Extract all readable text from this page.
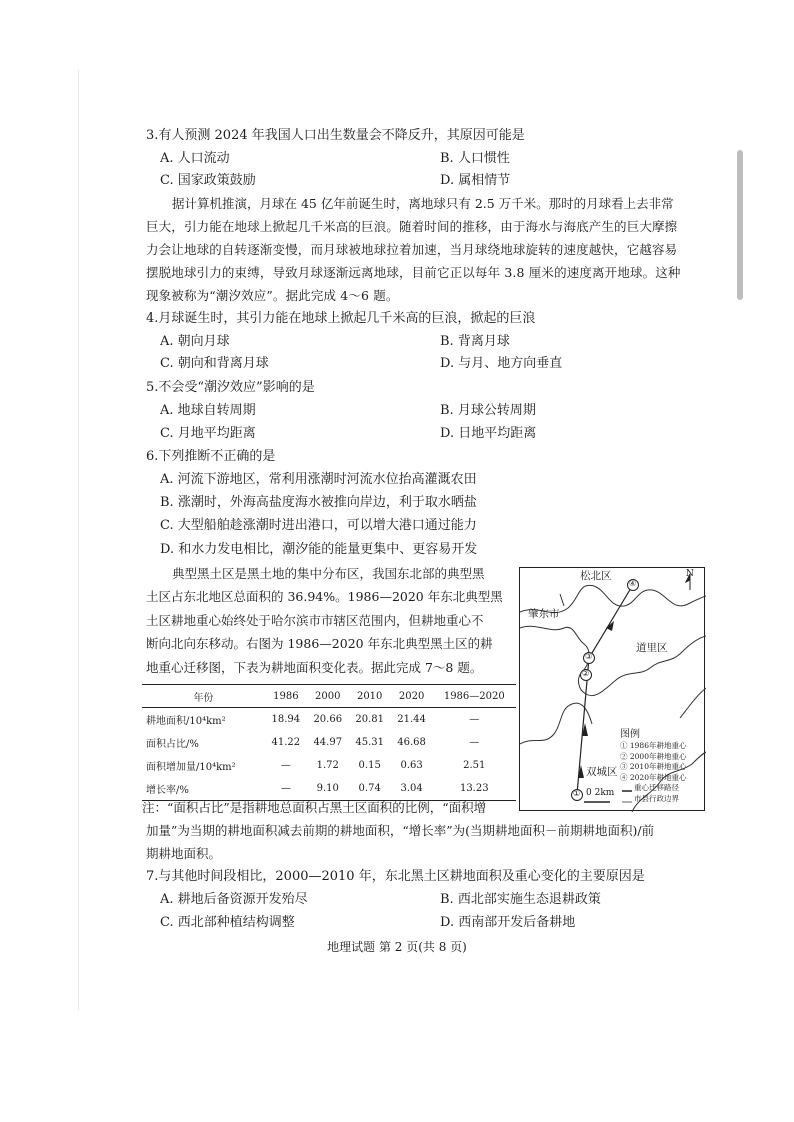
3.有人预测 2024 年我国人口出生数量会不降反升，其原因可能是
A. 人口流动	B. 人口惯性
C. 国家政策鼓励	D. 属相情节
据计算机推演，月球在 45 亿年前诞生时，离地球只有 2.5 万千米。那时的月球看上去非常
巨大，引力能在地球上掀起几千米高的巨浪。随着时间的推移，由于海水与海底产生的巨大摩擦
力会让地球的自转逐渐变慢，而月球被地球拉着加速，当月球绕地球旋转的速度越快，它越容易
摆脱地球引力的束缚，导致月球逐渐远离地球，目前它正以每年 3.8 厘米的速度离开地球。这种
现象被称为“潮汐效应”。据此完成 4～6 题。
4.月球诞生时，其引力能在地球上掀起几千米高的巨浪，掀起的巨浪
A. 朝向月球	B. 背离月球
C. 朝向和背离月球	D. 与月、地方向垂直
5.不会受“潮汐效应”影响的是
A. 地球自转周期	B. 月球公转周期
C. 月地平均距离	D. 日地平均距离
6.下列推断不正确的是
A. 河流下游地区，常利用涨潮时河流水位抬高灌溉农田
B. 涨潮时，外海高盐度海水被推向岸边，利于取水晒盐
C. 大型船舶趁涨潮时进出港口，可以增大港口通过能力
D. 和水力发电相比，潮汐能的能量更集中、更容易开发
典型黑土区是黑土地的集中分布区，我国东北部的典型黑
土区占东北地区总面积的 36.94%。1986—2020 年东北典型黑
土区耕地重心始终处于哈尔滨市市辖区范围内，但耕地重心不
断向北向东移动。右图为 1986—2020 年东北典型黑土区的耕
地重心迁移图，下表为耕地面积变化表。据此完成 7～8 题。
年份	1986	2000	2010	2020	1986—2020
耕地面积/10⁴km²	18.94	20.66	20.81	21.44	—
面积占比/%	41.22	44.97	45.31	46.68	—
面积增加量/10⁴km²	—	1.72	0.15	0.63	2.51
增长率/%	—	9.10	0.74	3.04	13.23
N
松北区
肇东市
道里区
双城区
0 2km
①
②
③
④
图例
① 1986年耕地重心
② 2000年耕地重心
③ 2010年耕地重心
④ 2020年耕地重心
重心迁移路径
市县行政边界
注：“面积占比”是指耕地总面积占黑土区面积的比例，“面积增
加量”为当期的耕地面积减去前期的耕地面积，“增长率”为(当期耕地面积－前期耕地面积)/前
期耕地面积。
7.与其他时间段相比，2000—2010 年，东北黑土区耕地面积及重心变化的主要原因是
A. 耕地后备资源开发殆尽	B. 西北部实施生态退耕政策
C. 西北部种植结构调整	D. 西南部开发后备耕地
地理试题 第 2 页(共 8 页)
